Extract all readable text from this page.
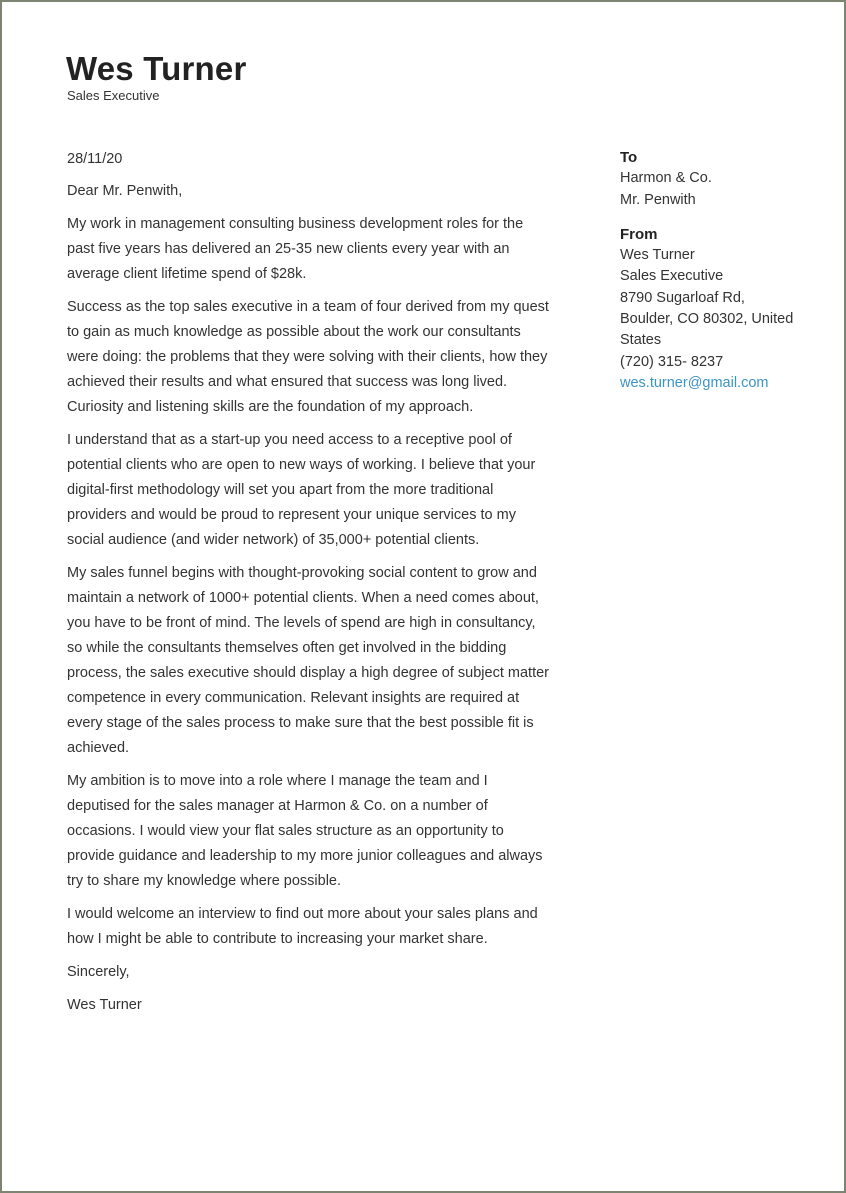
Wes Turner
Sales Executive

28/11/20

Dear Mr. Penwith,

My work in management consulting business development roles for the past five years has delivered an 25-35 new clients every year with an average client lifetime spend of $28k.

Success as the top sales executive in a team of four derived from my quest to gain as much knowledge as possible about the work our consultants were doing: the problems that they were solving with their clients, how they achieved their results and what ensured that success was long lived. Curiosity and listening skills are the foundation of my approach.

I understand that as a start-up you need access to a receptive pool of potential clients who are open to new ways of working. I believe that your digital-first methodology will set you apart from the more traditional providers and would be proud to represent your unique services to my social audience (and wider network) of 35,000+ potential clients.

My sales funnel begins with thought-provoking social content to grow and maintain a network of 1000+ potential clients. When a need comes about, you have to be front of mind. The levels of spend are high in consultancy, so while the consultants themselves often get involved in the bidding process, the sales executive should display a high degree of subject matter competence in every communication. Relevant insights are required at every stage of the sales process to make sure that the best possible fit is achieved.

My ambition is to move into a role where I manage the team and I deputised for the sales manager at Harmon & Co. on a number of occasions. I would view your flat sales structure as an opportunity to provide guidance and leadership to my more junior colleagues and always try to share my knowledge where possible.

I would welcome an interview to find out more about your sales plans and how I might be able to contribute to increasing your market share.

Sincerely,

Wes Turner

To
Harmon & Co.
Mr. Penwith
From
Wes Turner
Sales Executive
8790 Sugarloaf Rd,
Boulder, CO 80302, United
States
(720) 315- 8237
wes.turner@gmail.com
